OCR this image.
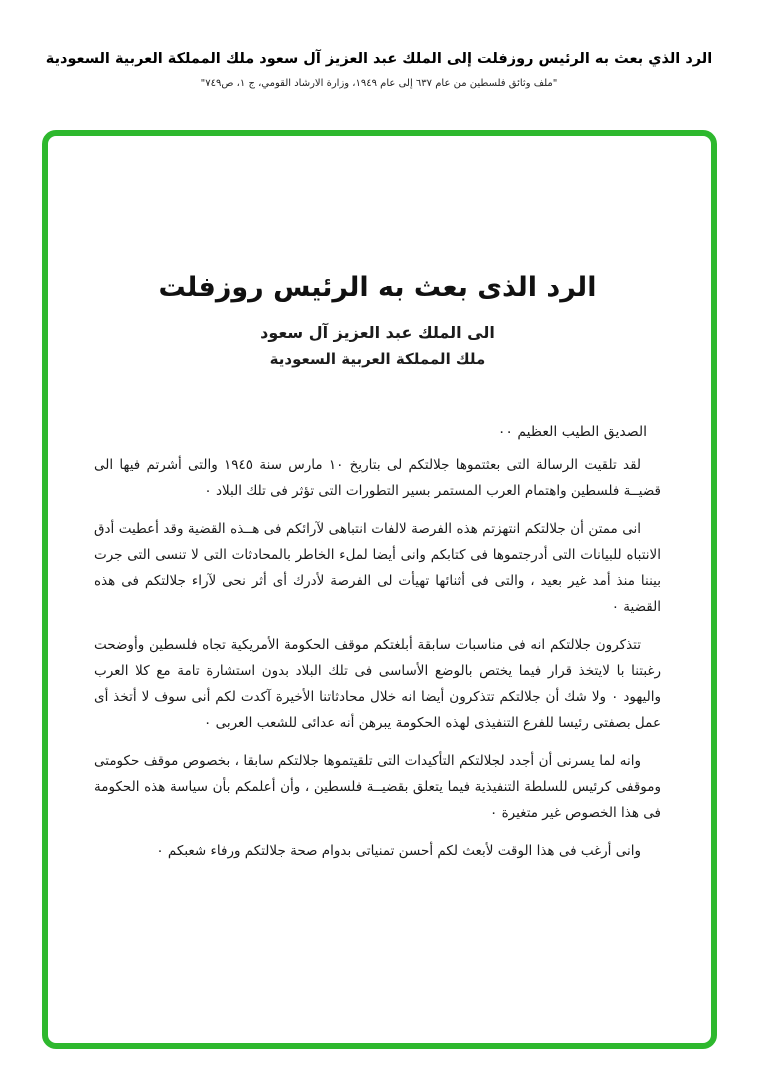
الرد الذي بعث به الرئيس روزفلت إلى الملك عبد العزيز آل سعود ملك المملكة العربية السعودية
"ملف وثائق فلسطين من عام ٦٣٧ إلى عام ١٩٤٩، وزارة الارشاد القومي، ج ١، ص٧٤٩"
الرد الذى بعث به الرئيس روزفلت
الى الملك عبد العزيز آل سعود
ملك المملكة العربية السعودية
الصديق الطيب العظيم ٠٠

لقد تلقيت الرسالة التى بعثتموها جلالتكم لى بتاريخ ١٠ مارس سنة ١٩٤٥ والتى أشرتم فيها الى قضيــة فلسطين واهتمام العرب المستمر بسير التطورات التى تؤثر فى تلك البلاد ٠

انى ممتن أن جلالتكم انتهزتم هذه الفرصة لالفات انتباهى لآرائكم فى هــذه القضية وقد أعطيت أدق الانتباه للبيانات التى أدرجتموها فى كتابكم وانى أيضا لملء الخاطر بالمحادثات التى لا تنسى التى جرت بيننا منذ أمد غير بعيد ، والتى فى أثنائها تهيأت لى الفرصة لأدرك أى أثر نحى لآراء جلالتكم فى هذه القضية ٠

تتذكرون جلالتكم انه فى مناسبات سابقة أبلغتكم موقف الحكومة الأمريكية تجاه فلسطين وأوضحت رغبتنا با لايتخذ قرار فيما يختص بالوضع الأساسى فى تلك البلاد بدون استشارة تامة مع كلا العرب واليهود ٠ ولا شك أن جلالتكم تتذكرون أيضا انه خلال محادثاتنا الأخيرة آكدت لكم أنى سوف لا أتخذ أى عمل بصفتى رئيسا للفرع التنفيذى لهذه الحكومة يبرهن أنه عدائى للشعب العربى ٠

وانه لما يسرنى أن أجدد لجلالتكم التأكيدات التى تلقيتموها جلالتكم سابقا ، بخصوص موقف حكومتى وموقفى كرئيس للسلطة التنفيذية فيما يتعلق بقضيــة فلسطين ، وأن أعلمكم بأن سياسة هذه الحكومة فى هذا الخصوص غير متغيرة ٠

وانى أرغب فى هذا الوقت لأبعث لكم أحسن تمنياتى بدوام صحة جلالتكم ورفاء شعبكم ٠
